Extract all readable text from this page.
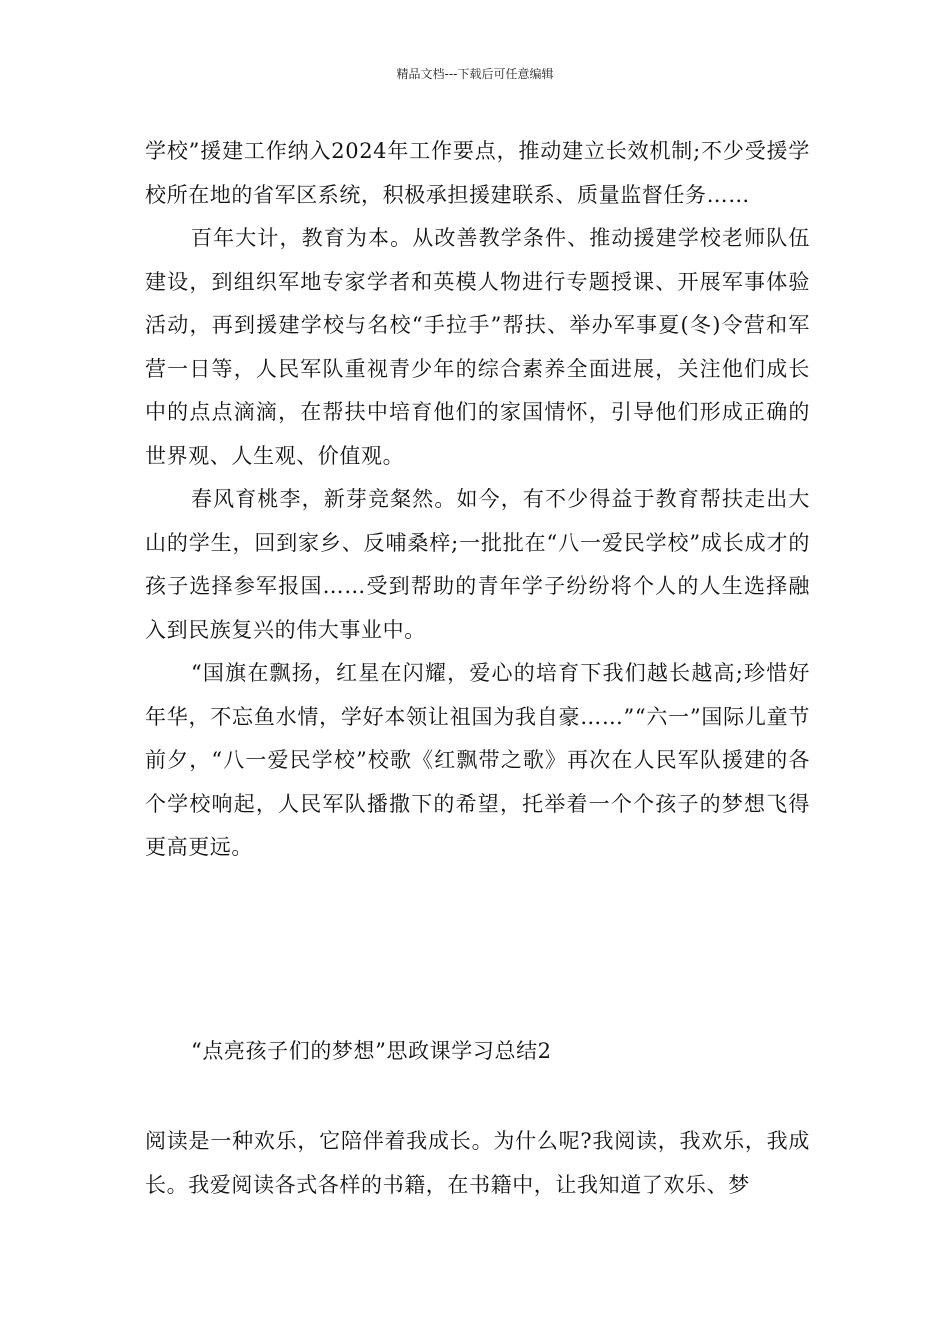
精品文档---下载后可任意编辑

学校”援建工作纳入2024年工作要点，推动建立长效机制;不少受援学校所在地的省军区系统，积极承担援建联系、质量监督任务……

百年大计，教育为本。从改善教学条件、推动援建学校老师队伍建设，到组织军地专家学者和英模人物进行专题授课、开展军事体验活动，再到援建学校与名校“手拉手”帮扶、举办军事夏(冬)令营和军营一日等，人民军队重视青少年的综合素养全面进展，关注他们成长中的点点滴滴，在帮扶中培育他们的家国情怀，引导他们形成正确的世界观、人生观、价值观。

春风育桃李，新芽竞粲然。如今，有不少得益于教育帮扶走出大山的学生，回到家乡、反哺桑梓;一批批在“八一爱民学校”成长成才的孩子选择参军报国……受到帮助的青年学子纷纷将个人的人生选择融入到民族复兴的伟大事业中。

“国旗在飘扬，红星在闪耀，爱心的培育下我们越长越高;珍惜好年华，不忘鱼水情，学好本领让祖国为我自豪……”“六一”国际儿童节前夕，“八一爱民学校”校歌《红飘带之歌》再次在人民军队援建的各个学校响起，人民军队播撒下的希望，托举着一个个孩子的梦想飞得更高更远。

“点亮孩子们的梦想”思政课学习总结2

阅读是一种欢乐，它陪伴着我成长。为什么呢?我阅读，我欢乐，我成长。我爱阅读各式各样的书籍，在书籍中，让我知道了欢乐、梦
